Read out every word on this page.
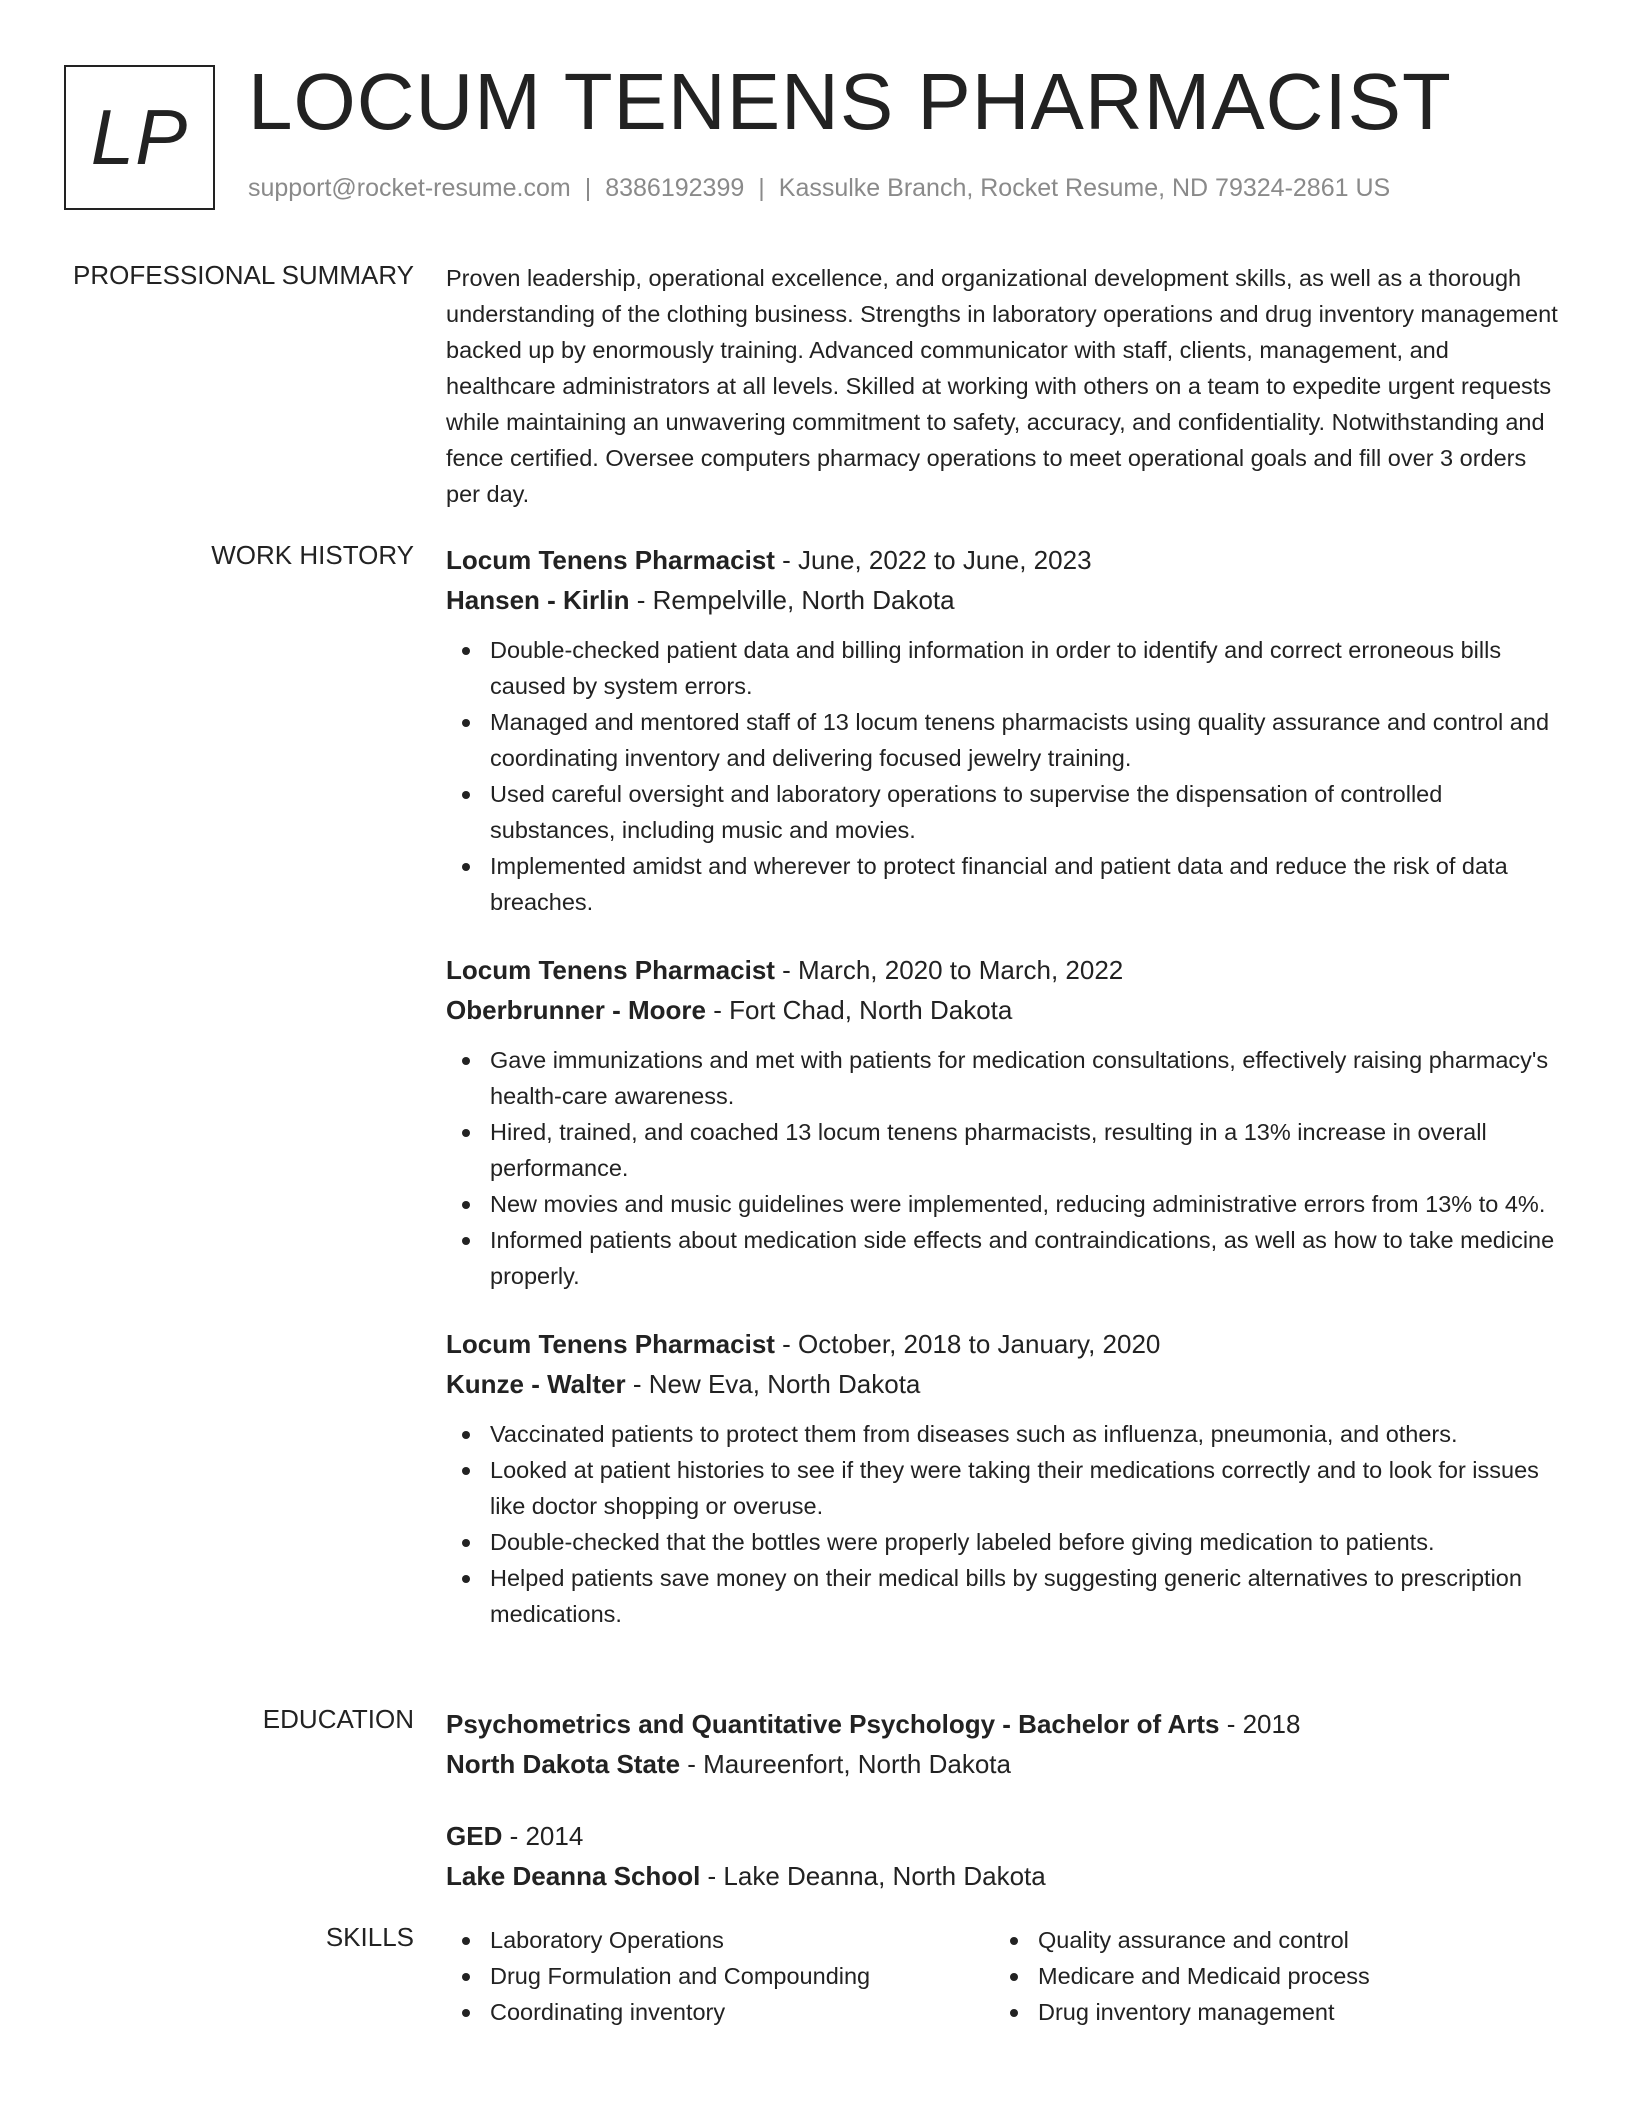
LP LOCUM TENENS PHARMACIST
support@rocket-resume.com | 8386192399 | Kassulke Branch, Rocket Resume, ND 79324-2861 US
PROFESSIONAL SUMMARY Proven leadership, operational excellence, and organizational development skills, as well as a thorough understanding of the clothing business. Strengths in laboratory operations and drug inventory management backed up by enormously training. Advanced communicator with staff, clients, management, and healthcare administrators at all levels. Skilled at working with others on a team to expedite urgent requests while maintaining an unwavering commitment to safety, accuracy, and confidentiality. Notwithstanding and fence certified. Oversee computers pharmacy operations to meet operational goals and fill over 3 orders per day.

WORK HISTORY Locum Tenens Pharmacist - June, 2022 to June, 2023
Hansen - Kirlin - Rempelville, North Dakota
Double-checked patient data and billing information in order to identify and correct erroneous bills caused by system errors.
Managed and mentored staff of 13 locum tenens pharmacists using quality assurance and control and coordinating inventory and delivering focused jewelry training.
Used careful oversight and laboratory operations to supervise the dispensation of controlled substances, including music and movies.
Implemented amidst and wherever to protect financial and patient data and reduce the risk of data breaches.
Locum Tenens Pharmacist - March, 2020 to March, 2022
Oberbrunner - Moore - Fort Chad, North Dakota
Gave immunizations and met with patients for medication consultations, effectively raising pharmacy's health-care awareness.
Hired, trained, and coached 13 locum tenens pharmacists, resulting in a 13% increase in overall performance.
New movies and music guidelines were implemented, reducing administrative errors from 13% to 4%.
Informed patients about medication side effects and contraindications, as well as how to take medicine properly.
Locum Tenens Pharmacist - October, 2018 to January, 2020
Kunze - Walter - New Eva, North Dakota
Vaccinated patients to protect them from diseases such as influenza, pneumonia, and others.
Looked at patient histories to see if they were taking their medications correctly and to look for issues like doctor shopping or overuse.
Double-checked that the bottles were properly labeled before giving medication to patients.
Helped patients save money on their medical bills by suggesting generic alternatives to prescription medications.
EDUCATION Psychometrics and Quantitative Psychology - Bachelor of Arts - 2018
North Dakota State - Maureenfort, North Dakota
GED - 2014
Lake Deanna School - Lake Deanna, North Dakota
SKILLS	Laboratory Operations
Drug Formulation and Compounding
Coordinating inventory
Quality assurance and control
Medicare and Medicaid process
Drug inventory management
